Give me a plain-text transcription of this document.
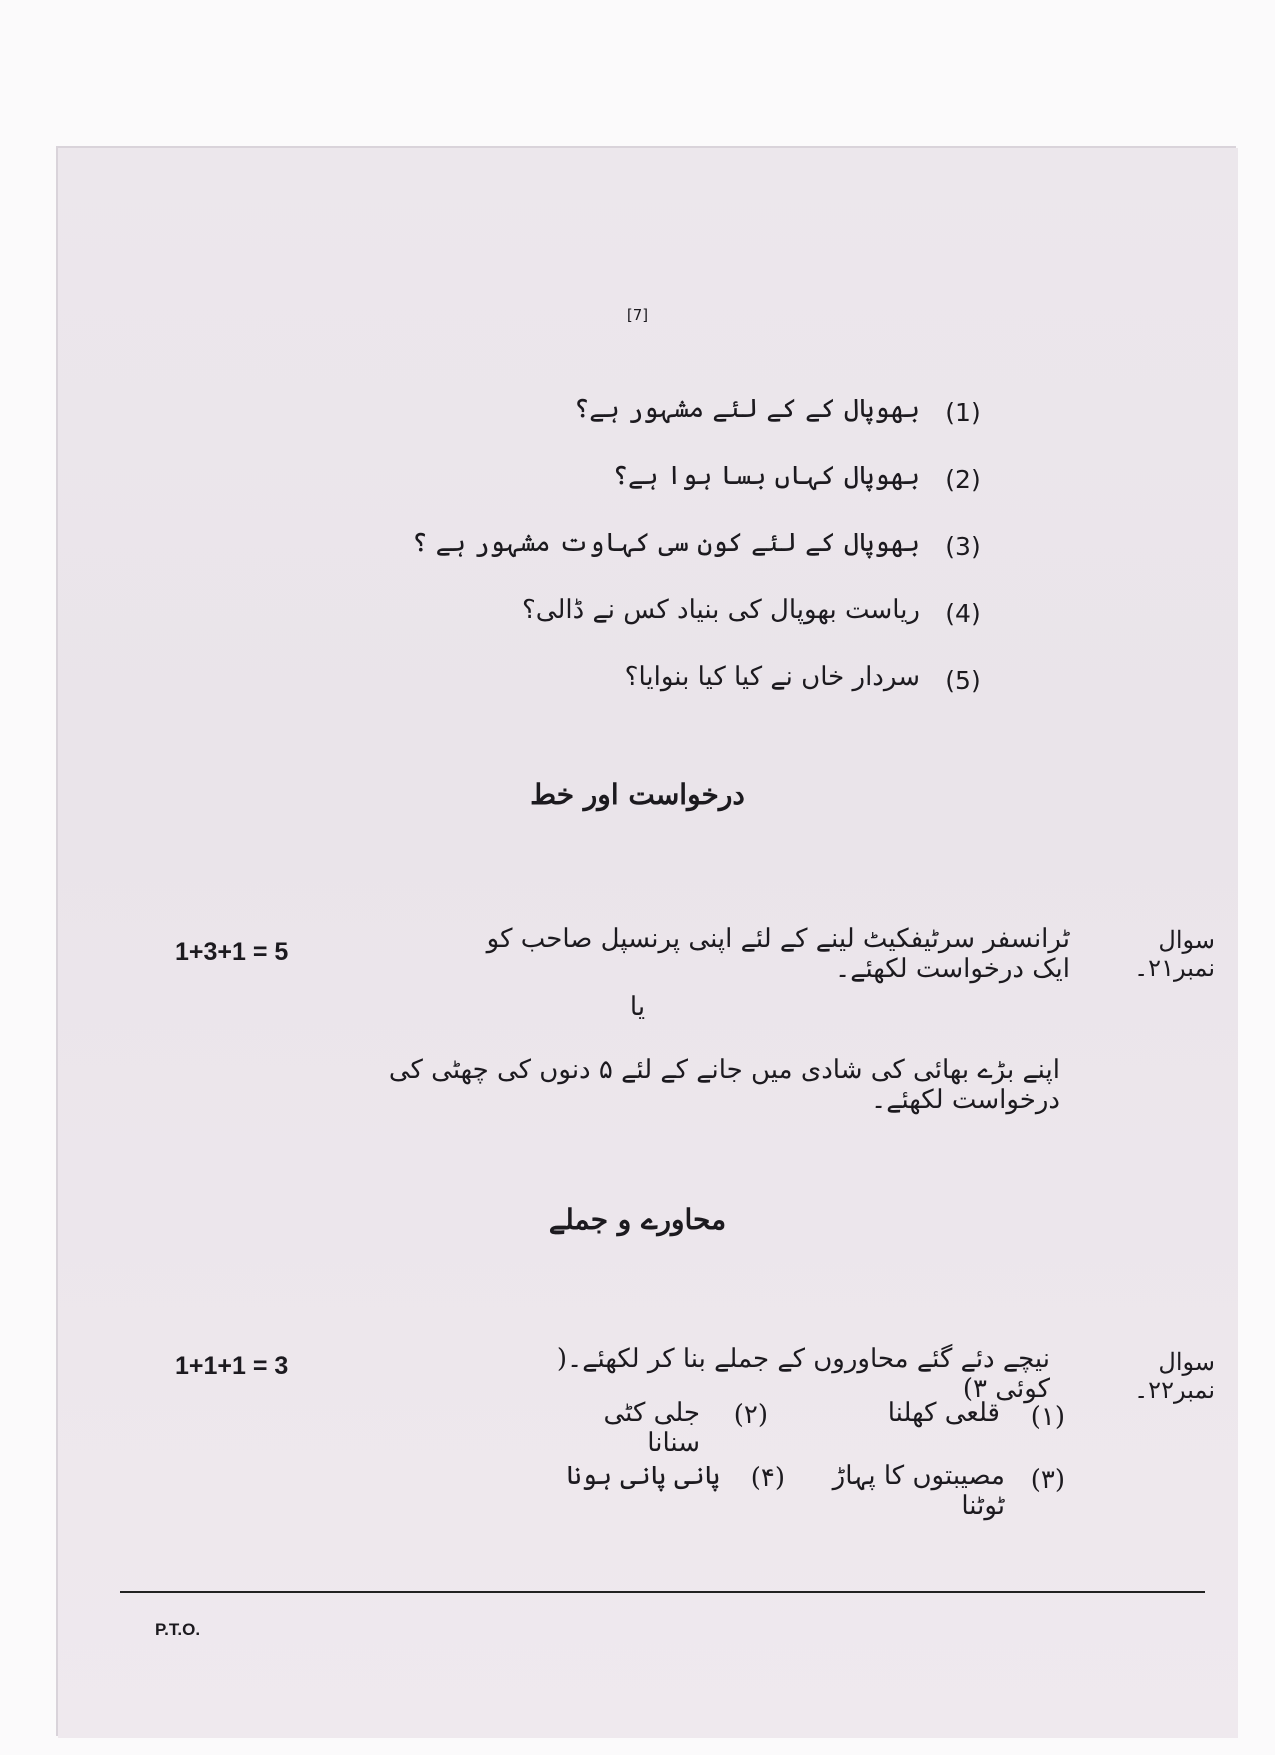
[7]
(1)
بھوپال کے کے لئے مشہور ہے؟
(2)
بھوپال کہاں بسا ہوا ہے؟
(3)
بھوپال کے لئے کون سی کہاوت مشہور ہے ؟
(4)
ریاست بھوپال کی بنیاد کس نے ڈالی؟
(5)
سردار خاں نے کیا کیا بنوایا؟
درخواست اور خط
سوال نمبر۲۱۔
ٹرانسفر سرٹیفکیٹ لینے کے لئے اپنی پرنسپل صاحب کو ایک درخواست لکھئے۔
1+3+1 = 5
یا
اپنے بڑے بھائی کی شادی میں جانے کے لئے ۵ دنوں کی چھٹی کی درخواست لکھئے۔
محاورے و جملے
سوال نمبر۲۲۔
نیچے دئے گئے محاوروں کے جملے بنا کر لکھئے۔( کوئی ۳)
1+1+1 = 3
(۱)
قلعی کھلنا
(۲)
جلی کٹی سنانا
(۳)
مصیبتوں کا پہاڑ ٹوٹنا
(۴)
پانی پانی ہونا
P.T.O.
